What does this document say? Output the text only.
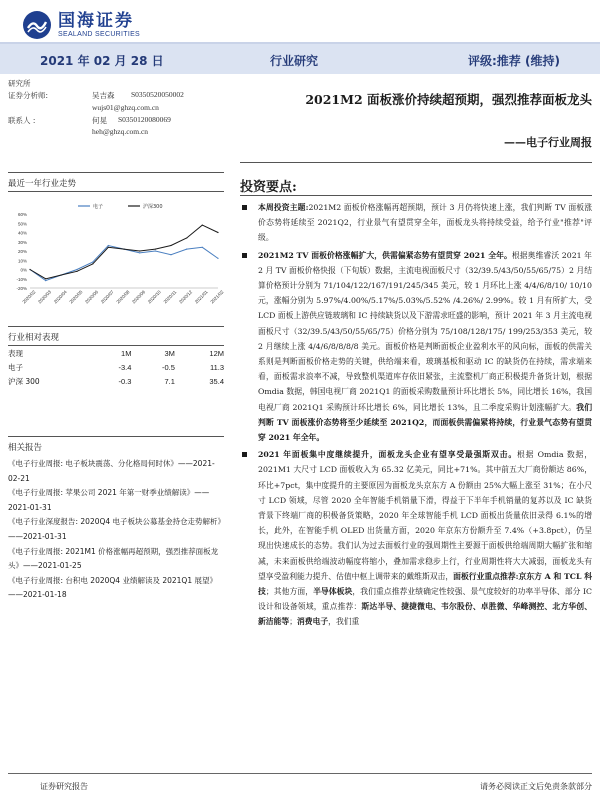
国海证券
SEALAND SECURITIES
2021 年 02 月 28 日	行业研究	评级:推荐 (维持)
研究所
证券分析师:	吴吉森 S0350520050002
wujs01@ghzq.com.cn
联系人 :	何晃 S0350120080069
heh@ghzq.com.cn
2021M2 面板涨价持续超预期，强烈推荐面板龙头
——电子行业周报
最近一年行业走势
-20%
-10%
0%
10%
20%
30%
40%
50%
60%
2020/02 2020/03 2020/04 2020/05 2020/06 2020/07 2020/08 2020/09 2020/10 2020/11 2020/12 2021/01 2021/02
电子	沪深300
行业相对表现
表现	1M	3M	12M
电子	-3.4	-0.5	11.3
沪深 300	-0.3	7.1	35.4
相关报告

《电子行业周报: 电子板块震荡、分化格局何时休》——2021-02-21

《电子行业周报: 苹果公司 2021 年第一财季业绩解读》——2021-01-31

《电子行业深度报告: 2020Q4 电子板块公募基金持仓走势解析》——2021-01-31

《电子行业周报: 2021M1 价格涨幅再超预期，强烈推荐面板龙头》——2021-01-25

《电子行业周报: 台积电 2020Q4 业绩解读及 2021Q1 展望》——2021-01-18

投资要点:
本周投资主题:2021M2 面板价格涨幅再超预期，预计 3 月仍将快速上涨，我们判断 TV 面板涨价态势将延续至 2021Q2，行业景气有望贯穿全年，面板龙头将持续受益，给予行业"推荐"评级。
2021M2 TV 面板价格涨幅扩大，供需偏紧态势有望贯穿 2021 全年。根据奥维睿沃 2021 年 2 月 TV 面板价格快报（下旬版）数据，主流电视面板尺寸（32/39.5/43/50/55/65/75）2 月结算价格预计分别为 71/104/122/167/191/245/345 美元，较 1 月环比上涨 4/4/6/8/10/ 10/10 元，涨幅分别为 5.97%/4.00%/5.17%/5.03%/5.52% /4.26%/ 2.99%。较 1 月有所扩大，受 LCD 面板上游供应链玻璃和 IC 持续缺货以及下游需求旺盛的影响，预计 2021 年 3 月主流电视面板尺寸（32/39.5/43/50/55/65/75）价格分别为 75/108/128/175/ 199/253/353 美元，较 2 月继续上涨 4/4/6/8/8/8/8 美元。面板价格是判断面板企业盈利水平的风向标，面板的供需关系则是判断面板价格走势的关键，供给端来看，玻璃基板和驱动 IC 的缺货仍在持续，需求端来看，面板需求浪率不减，导致整机渠道库存依旧紧张，主流整机厂商正积极提升备货计划，根据 Omdia 数据，韩国电视厂商 2021Q1 的面板采购数量预计环比增长 5%，同比增长 16%，我国电视厂商 2021Q1 采购预计环比增长 6%，同比增长 13%，且二季度采购计划涨幅扩大。我们判断 TV 面板涨价态势将至少延续至 2021Q2，而面板供需偏紧将持续，行业景气态势有望贯穿 2021 年全年。
2021 年面板集中度继续提升，面板龙头企业有望享受最强斯双击。根据 Omdia 数据，2021M1 大尺寸 LCD 面板收入为 65.32 亿美元，同比+71%。其中前五大厂商份额达 86%，环比+7pct，集中度提升的主要原因为面板龙头京东方 A 份额由 25%大幅上涨至 31%；在小尺寸 LCD 领域，尽管 2020 全年智能手机销量下滑，得益于下半年手机销量的复苏以及 IC 缺货背景下终端厂商的积极备货策略，2020 年全球智能手机 LCD 面板出货量依旧录得 6.1%的增长，此外，在智能手机 OLED 出货量方面，2020 年京东方份额升至 7.4%（+3.8pct），仍呈现出快速成长的态势。我们认为过去面板行业的强周期性主要源于面板供给端周期大幅扩张和缩减，未来面板供给端波动幅度将缩小，叠加需求稳步上行，行业周期性将大大减弱，面板龙头有望享受盈利能力提升、估值中枢上调带来的戴维斯双击，面板行业重点推荐:京东方 A 和 TCL 科技；其他方面，半导体板块，我们重点推荐业绩确定性较强、景气度较好的功率半导体、部分 IC 设计和设备领域，重点推荐：斯达半导、捷捷微电、韦尔股份、卓胜微、华峰测控、北方华创、新洁能等；消费电子，我们重
证券研究报告	请务必阅读正文后免责条款部分
